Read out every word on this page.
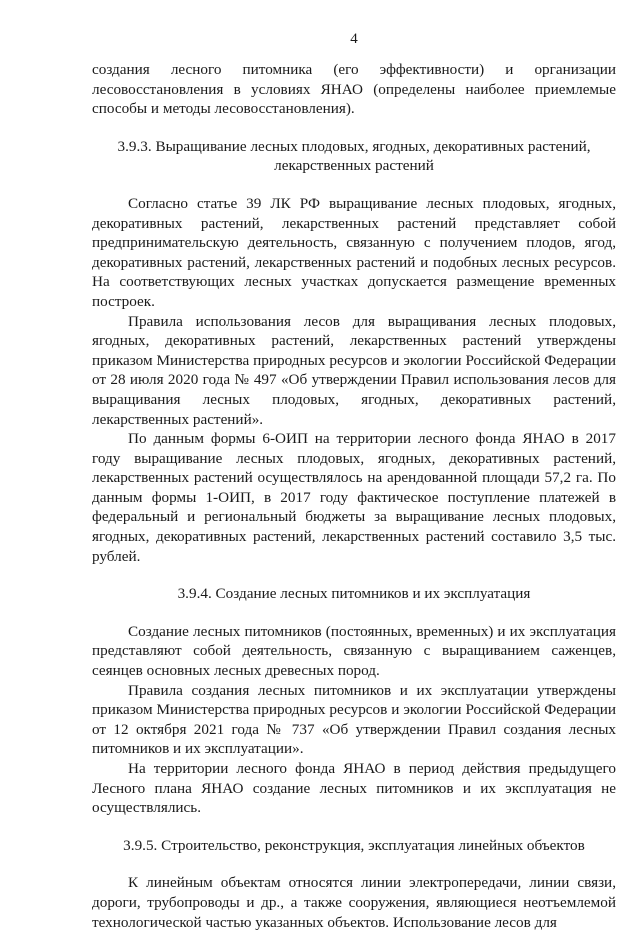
4

создания лесного питомника (его эффективности) и организации лесовосстановления в условиях ЯНАО (определены наиболее приемлемые способы и методы лесовосстановления).

3.9.3. Выращивание лесных плодовых, ягодных, декоративных растений, лекарственных растений

Согласно статье 39 ЛК РФ выращивание лесных плодовых, ягодных, декоративных растений, лекарственных растений представляет собой предпринимательскую деятельность, связанную с получением плодов, ягод, декоративных растений, лекарственных растений и подобных лесных ресурсов. На соответствующих лесных участках допускается размещение временных построек.

Правила использования лесов для выращивания лесных плодовых, ягодных, декоративных растений, лекарственных растений утверждены приказом Министерства природных ресурсов и экологии Российской Федерации от 28 июля 2020 года № 497 «Об утверждении Правил использования лесов для выращивания лесных плодовых, ягодных, декоративных растений, лекарственных растений».

По данным формы 6-ОИП на территории лесного фонда ЯНАО в 2017 году выращивание лесных плодовых, ягодных, декоративных растений, лекарственных растений осуществлялось на арендованной площади 57,2 га. По данным формы 1-ОИП, в 2017 году фактическое поступление платежей в федеральный и региональный бюджеты за выращивание лесных плодовых, ягодных, декоративных растений, лекарственных растений составило 3,5 тыс. рублей.

3.9.4. Создание лесных питомников и их эксплуатация

Создание лесных питомников (постоянных, временных) и их эксплуатация представляют собой деятельность, связанную с выращиванием саженцев, сеянцев основных лесных древесных пород.

Правила создания лесных питомников и их эксплуатации утверждены приказом Министерства природных ресурсов и экологии Российской Федерации от 12 октября 2021 года № 737 «Об утверждении Правил создания лесных питомников и их эксплуатации».

На территории лесного фонда ЯНАО в период действия предыдущего Лесного плана ЯНАО создание лесных питомников и их эксплуатация не осуществлялись.

3.9.5. Строительство, реконструкция, эксплуатация линейных объектов

К линейным объектам относятся линии электропередачи, линии связи, дороги, трубопроводы и др., а также сооружения, являющиеся неотъемлемой технологической частью указанных объектов. Использование лесов для
